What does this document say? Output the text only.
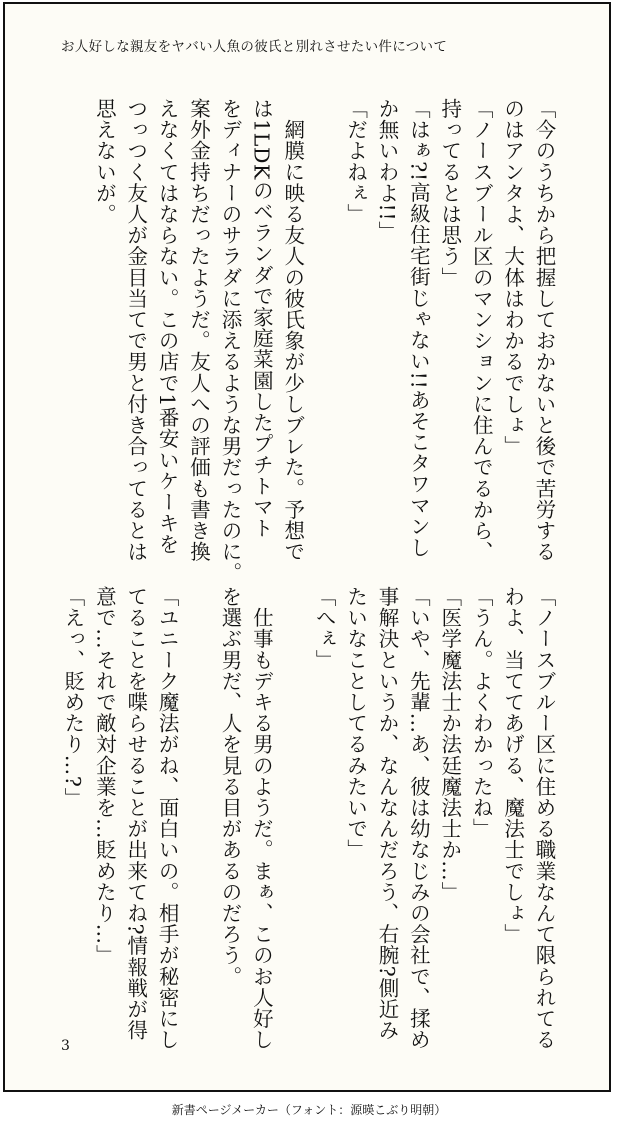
お人好しな親友をヤバい人魚の彼氏と別れさせたい件について
「今のうちから把握しておかないと後で苦労する
のはアンタよ、大体はわかるでしょ」
「ノースブール区のマンションに住んでるから、
持ってるとは思う」
「はぁ?!高級住宅街じゃない!!あそこタワマンし
か無いわよ!!」
「だよねぇ」

　網膜に映る友人の彼氏象が少しブレた。予想で
は1LDKのベランダで家庭菜園したプチトマト
をディナーのサラダに添えるような男だったのに。
案外金持ちだったようだ。友人への評価も書き換
えなくてはならない。この店で1番安いケーキを
つっつく友人が金目当てで男と付き合ってるとは
思えないが。
「ノースブルー区に住める職業なんて限られてる
わよ、当ててあげる、魔法士でしょ」
「うん。よくわかったね」
「医学魔法士か法廷魔法士か…」
「いや、先輩…あ、彼は幼なじみの会社で、揉め
事解決というか、なんなんだろう、右腕?側近み
たいなことしてるみたいで」
「へぇ」

　仕事もデキる男のようだ。まぁ、このお人好し
を選ぶ男だ、人を見る目があるのだろう。

「ユニーク魔法がね、面白いの。相手が秘密にし
てることを喋らせることが出来てね?情報戦が得
意で…それで敵対企業を…貶めたり…」
「えっ、貶めたり…?」
3
新書ページメーカー（フォント：源暎こぶり明朝）
